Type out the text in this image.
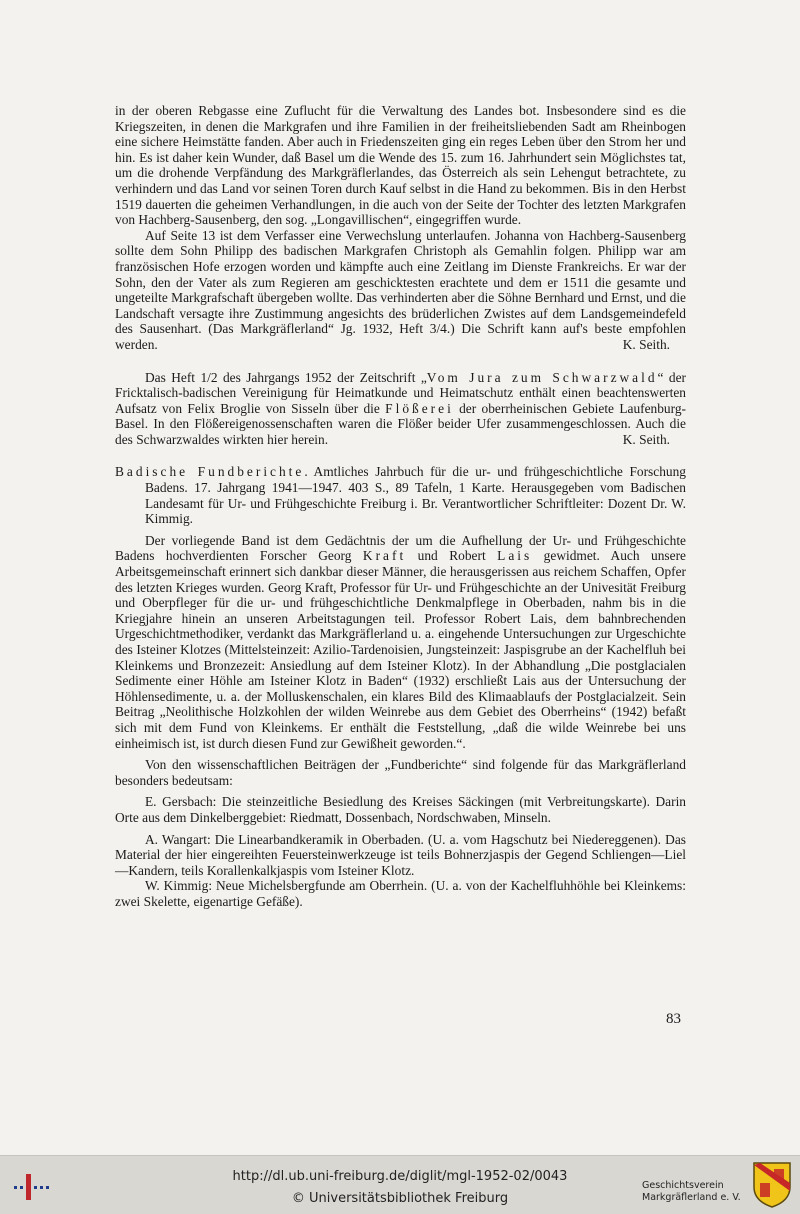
in der oberen Rebgasse eine Zuflucht für die Verwaltung des Landes bot. Insbesondere sind es die Kriegszeiten, in denen die Markgrafen und ihre Familien in der freiheitsliebenden Sadt am Rheinbogen eine sichere Heimstätte fanden. Aber auch in Friedenszeiten ging ein reges Leben über den Strom her und hin. Es ist daher kein Wunder, daß Basel um die Wende des 15. zum 16. Jahrhundert sein Möglichstes tat, um die drohende Verpfändung des Markgräflerlandes, das Österreich als sein Lehengut betrachtete, zu verhindern und das Land vor seinen Toren durch Kauf selbst in die Hand zu bekommen. Bis in den Herbst 1519 dauerten die geheimen Verhandlungen, in die auch von der Seite der Tochter des letzten Markgrafen von Hachberg-Sausenberg, den sog. „Longavillischen“, eingegriffen wurde.

Auf Seite 13 ist dem Verfasser eine Verwechslung unterlaufen. Johanna von Hachberg-Sausenberg sollte dem Sohn Philipp des badischen Markgrafen Christoph als Gemahlin folgen. Philipp war am französischen Hofe erzogen worden und kämpfte auch eine Zeitlang im Dienste Frankreichs. Er war der Sohn, den der Vater als zum Regieren am geschicktesten erachtete und dem er 1511 die gesamte und ungeteilte Markgrafschaft übergeben wollte. Das verhinderten aber die Söhne Bernhard und Ernst, und die Landschaft versagte ihre Zustimmung angesichts des brüderlichen Zwistes auf dem Landsgemeindefeld des Sausenhart. (Das Markgräflerland“ Jg. 1932, Heft 3/4.) Die Schrift kann auf's beste empfohlen werden.	K. Seith.

Das Heft 1/2 des Jahrgangs 1952 der Zeitschrift „Vom Jura zum Schwarzwald“ der Fricktalisch-badischen Vereinigung für Heimatkunde und Heimatschutz enthält einen beachtenswerten Aufsatz von Felix Broglie von Sisseln über die Flößerei der oberrheinischen Gebiete Laufenburg-Basel. In den Flößereigenossenschaften waren die Flößer beider Ufer zusammengeschlossen. Auch die des Schwarzwaldes wirkten hier herein.	K. Seith.

Badische Fundberichte. Amtliches Jahrbuch für die ur- und frühgeschichtliche Forschung Badens. 17. Jahrgang 1941—1947. 403 S., 89 Tafeln, 1 Karte. Herausgegeben vom Badischen Landesamt für Ur- und Frühgeschichte Freiburg i. Br. Verantwortlicher Schriftleiter: Dozent Dr. W. Kimmig.

Der vorliegende Band ist dem Gedächtnis der um die Aufhellung der Ur- und Frühgeschichte Badens hochverdienten Forscher Georg Kraft und Robert Lais gewidmet. Auch unsere Arbeitsgemeinschaft erinnert sich dankbar dieser Männer, die herausgerissen aus reichem Schaffen, Opfer des letzten Krieges wurden. Georg Kraft, Professor für Ur- und Frühgeschichte an der Univesität Freiburg und Oberpfleger für die ur- und frühgeschichtliche Denkmalpflege in Oberbaden, nahm bis in die Kriegjahre hinein an unseren Arbeitstagungen teil. Professor Robert Lais, dem bahnbrechenden Urgeschichtmethodiker, verdankt das Markgräflerland u. a. eingehende Untersuchungen zur Urgeschichte des Isteiner Klotzes (Mittelsteinzeit: Azilio-Tardenoisien, Jungsteinzeit: Jaspisgrube an der Kachelfluh bei Kleinkems und Bronzezeit: Ansiedlung auf dem Isteiner Klotz). In der Abhandlung „Die postglacialen Sedimente einer Höhle am Isteiner Klotz in Baden“ (1932) erschließt Lais aus der Untersuchung der Höhlensedimente, u. a. der Molluskenschalen, ein klares Bild des Klimaablaufs der Postglacialzeit. Sein Beitrag „Neolithische Holzkohlen der wilden Weinrebe aus dem Gebiet des Oberrheins“ (1942) befaßt sich mit dem Fund von Kleinkems. Er enthält die Feststellung, „daß die wilde Weinrebe bei uns einheimisch ist, ist durch diesen Fund zur Gewißheit geworden.“.

Von den wissenschaftlichen Beiträgen der „Fundberichte“ sind folgende für das Markgräflerland besonders bedeutsam:

E. Gersbach: Die steinzeitliche Besiedlung des Kreises Säckingen (mit Verbreitungskarte). Darin Orte aus dem Dinkelberggebiet: Riedmatt, Dossenbach, Nordschwaben, Minseln.

A. Wangart: Die Linearbandkeramik in Oberbaden. (U. a. vom Hagschutz bei Niedereggenen). Das Material der hier eingereihten Feuersteinwerkzeuge ist teils Bohnerzjaspis der Gegend Schliengen—Liel—Kandern, teils Korallenkalkjaspis vom Isteiner Klotz.

W. Kimmig: Neue Michelsbergfunde am Oberrhein. (U. a. von der Kachelfluhhöhle bei Kleinkems: zwei Skelette, eigenartige Gefäße).

83
http://dl.ub.uni-freiburg.de/diglit/mgl-1952-02/0043
© Universitätsbibliothek Freiburg
Geschichtsverein
Markgräflerland e. V.
